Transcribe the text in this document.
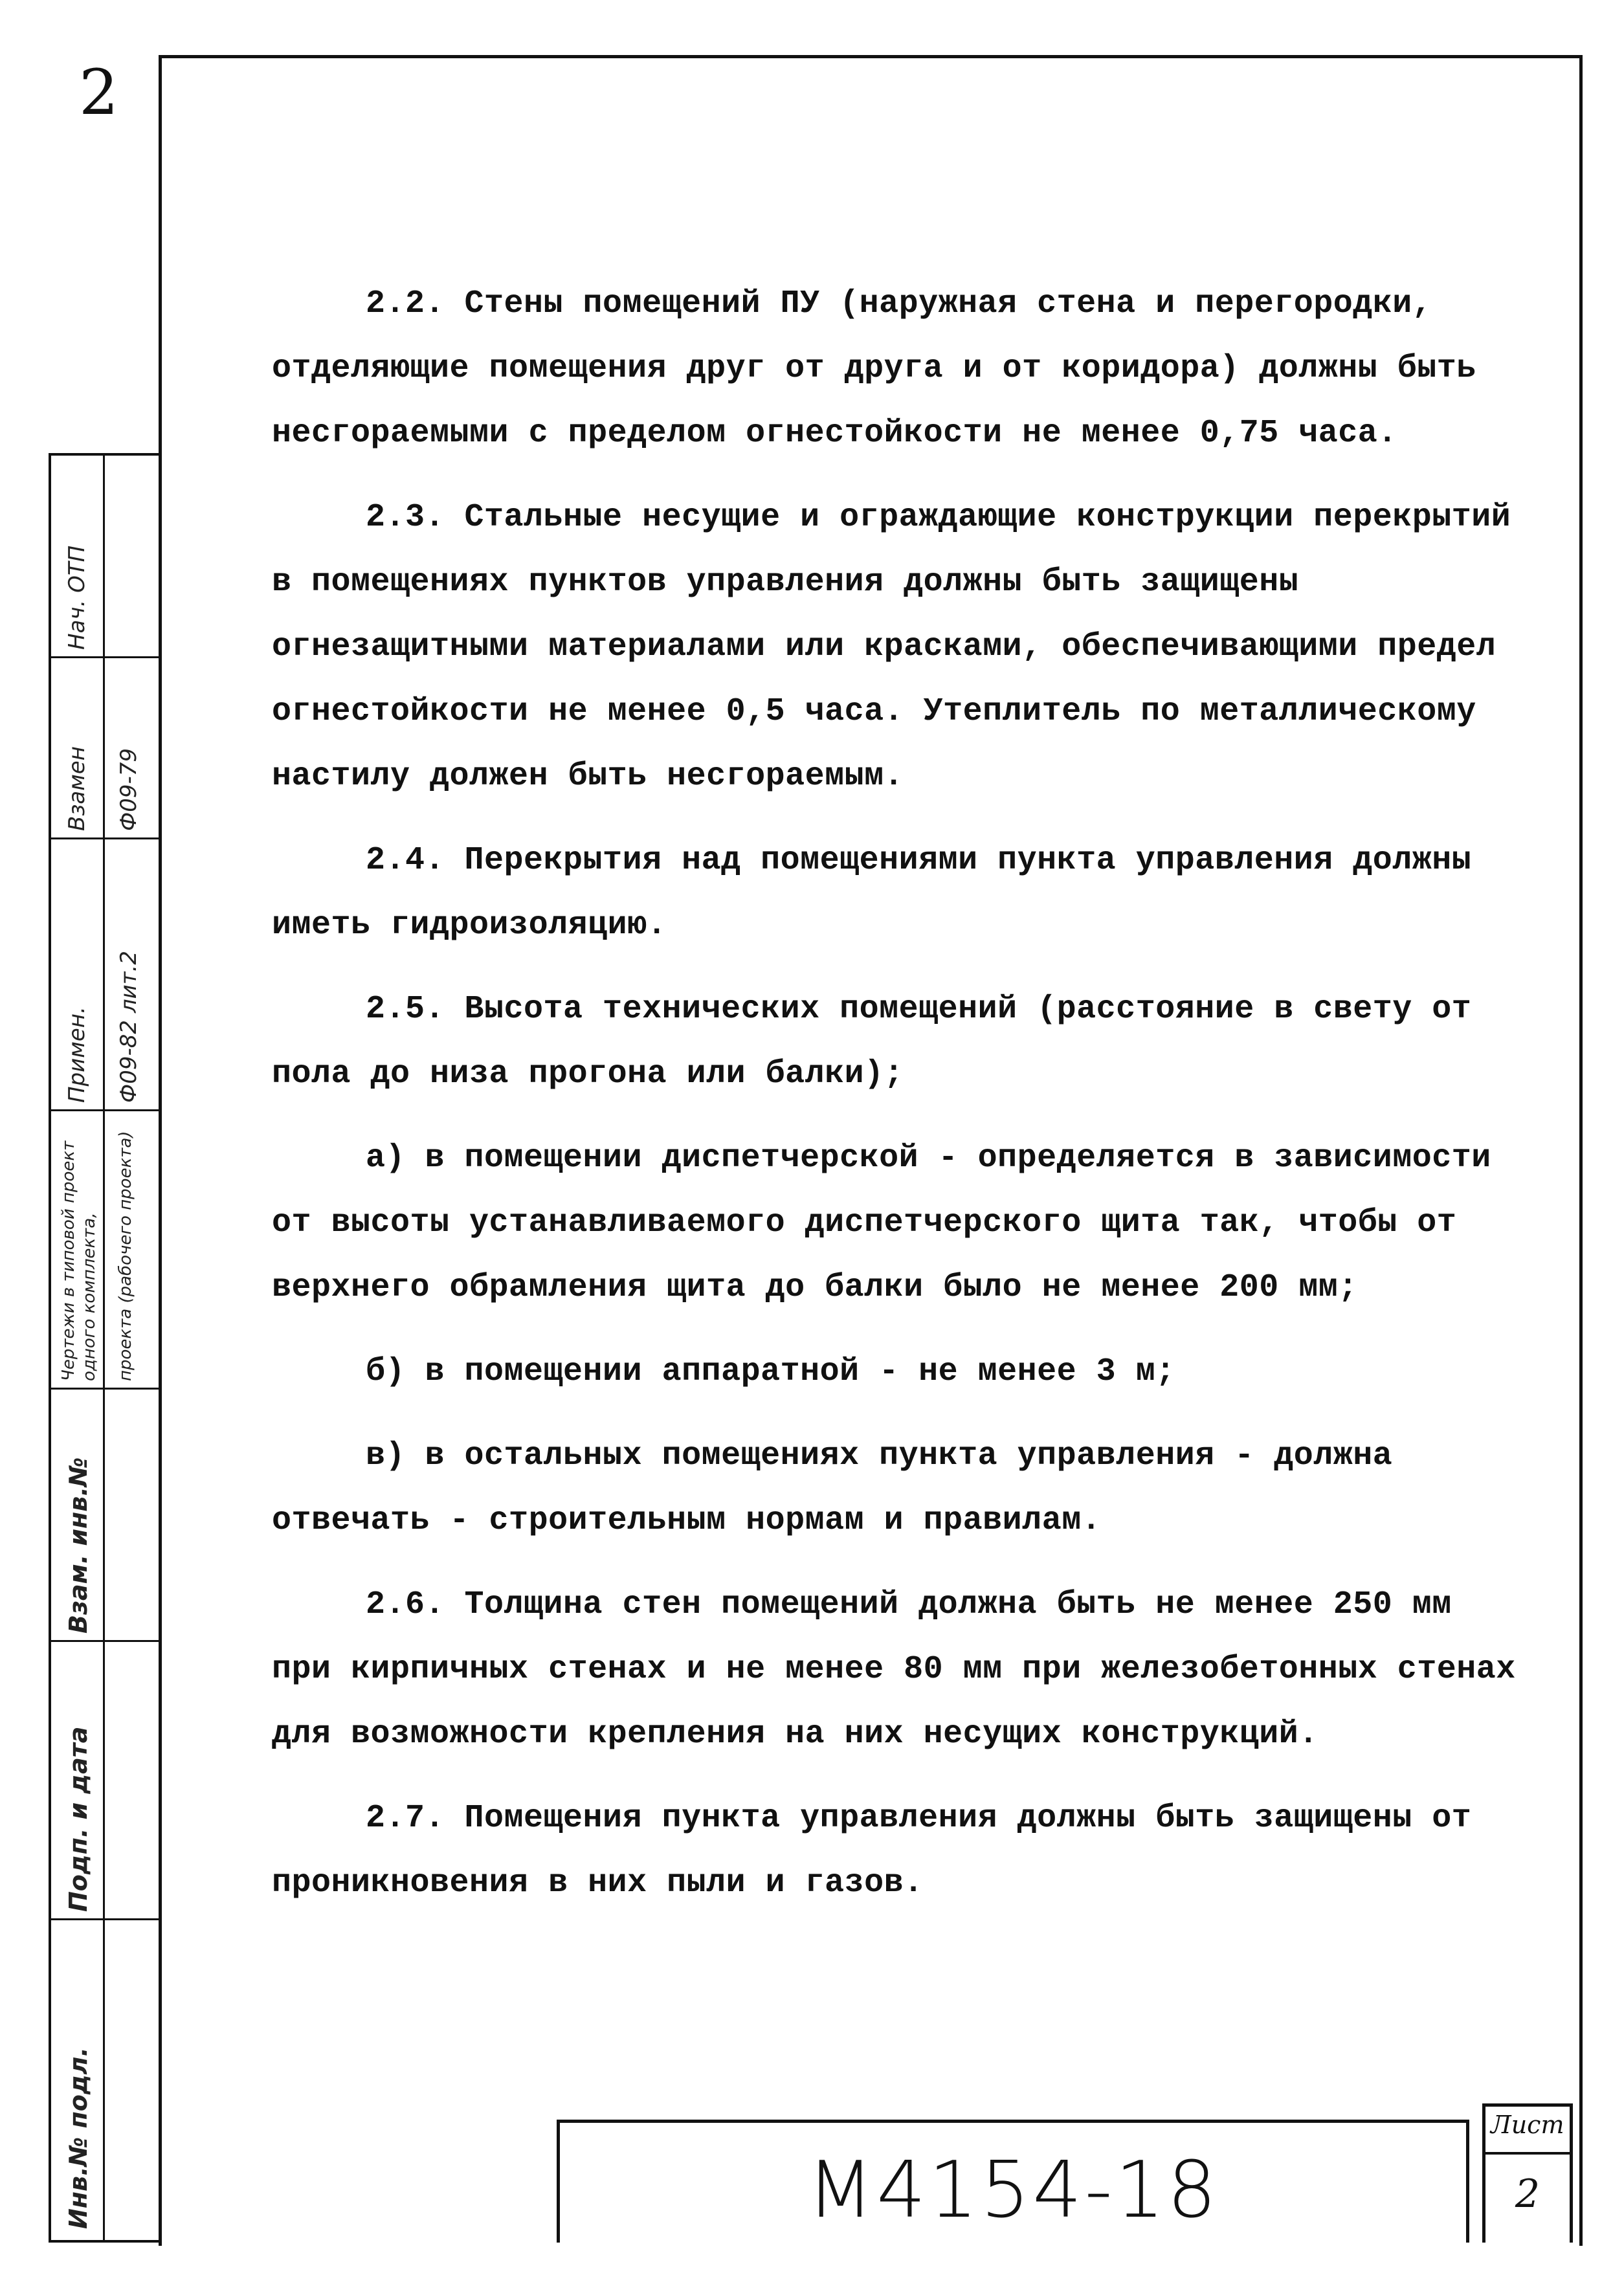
2
Нач. ОТП
Взамен Ф09-79
Примен. Ф09-82 лит.2
Чертежи в типовой проект одного комплекта, проекта (рабочего проекта)
Взам. инв.№
Подп. и дата
Инв.№ подл.

2.2. Стены помещений ПУ (наружная стена и перегородки, отделяющие помещения друг от друга и от коридора) должны быть несгораемыми с пределом огнестойкости не менее 0,75 часа.

2.3. Стальные несущие и ограждающие конструкции перекрытий в помещениях пунктов управления должны быть защищены огнезащитными материалами или красками, обеспечивающими предел огнестойкости не менее 0,5 часа. Утеплитель по металлическому настилу должен быть несгораемым.

2.4. Перекрытия над помещениями пункта управления должны иметь гидроизоляцию.

2.5. Высота технических помещений (расстояние в свету от пола до низа прогона или балки);

а) в помещении диспетчерской - определяется в зависимости от высоты устанавливаемого диспетчерского щита так, чтобы от верхнего обрамления щита до балки было не менее 200 мм;

б) в помещении аппаратной - не менее 3 м;

в) в остальных помещениях пункта управления - должна отвечать - строительным нормам и правилам.

2.6. Толщина стен помещений должна быть не менее 250 мм при кирпичных стенах и не менее 80 мм при железобетонных стенах для возможности крепления на них несущих конструкций.

2.7. Помещения пункта управления должны быть защищены от проникновения в них пыли и газов.

М4154-18
Лист
2
